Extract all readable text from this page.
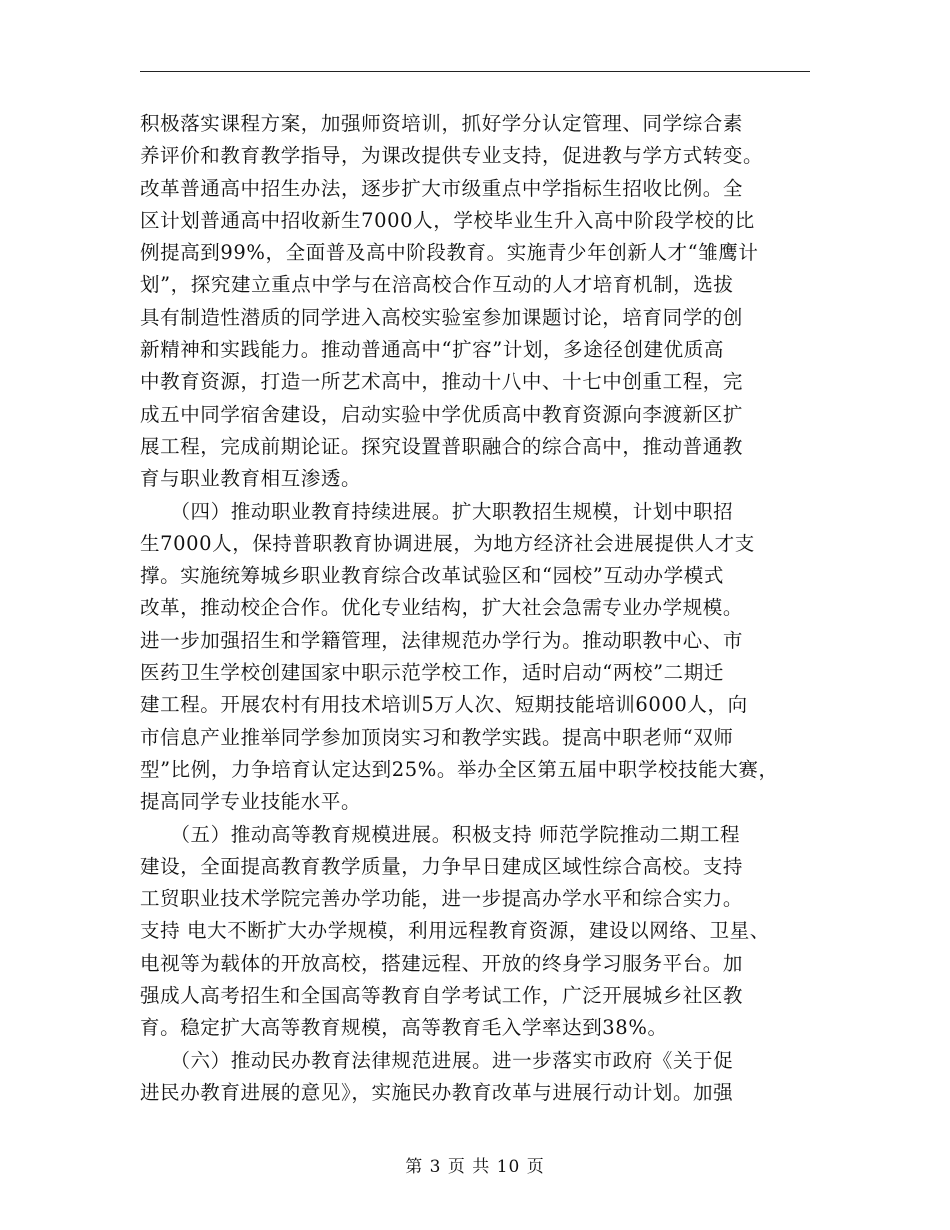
积极落实课程方案，加强师资培训，抓好学分认定管理、同学综合素
养评价和教育教学指导，为课改提供专业支持，促进教与学方式转变。
改革普通高中招生办法，逐步扩大市级重点中学指标生招收比例。全
区计划普通高中招收新生7000人，学校毕业生升入高中阶段学校的比
例提高到99%，全面普及高中阶段教育。实施青少年创新人才“雏鹰计
划”，探究建立重点中学与在涪高校合作互动的人才培育机制，选拔
具有制造性潜质的同学进入高校实验室参加课题讨论，培育同学的创
新精神和实践能力。推动普通高中“扩容”计划，多途径创建优质高
中教育资源，打造一所艺术高中，推动十八中、十七中创重工程，完
成五中同学宿舍建设，启动实验中学优质高中教育资源向李渡新区扩
展工程，完成前期论证。探究设置普职融合的综合高中，推动普通教
育与职业教育相互渗透。
　　（四）推动职业教育持续进展。扩大职教招生规模，计划中职招
生7000人，保持普职教育协调进展，为地方经济社会进展提供人才支
撑。实施统筹城乡职业教育综合改革试验区和“园校”互动办学模式
改革，推动校企合作。优化专业结构，扩大社会急需专业办学规模。
进一步加强招生和学籍管理，法律规范办学行为。推动职教中心、市
医药卫生学校创建国家中职示范学校工作，适时启动“两校”二期迁
建工程。开展农村有用技术培训5万人次、短期技能培训6000人，向
市信息产业推举同学参加顶岗实习和教学实践。提高中职老师“双师
型”比例，力争培育认定达到25%。举办全区第五届中职学校技能大赛，
提高同学专业技能水平。
　　（五）推动高等教育规模进展。积极支持 师范学院推动二期工程
建设，全面提高教育教学质量，力争早日建成区域性综合高校。支持
工贸职业技术学院完善办学功能，进一步提高办学水平和综合实力。
支持 电大不断扩大办学规模，利用远程教育资源，建设以网络、卫星、
电视等为载体的开放高校，搭建远程、开放的终身学习服务平台。加
强成人高考招生和全国高等教育自学考试工作，广泛开展城乡社区教
育。稳定扩大高等教育规模，高等教育毛入学率达到38%。
　　（六）推动民办教育法律规范进展。进一步落实市政府《关于促
进民办教育进展的意见》，实施民办教育改革与进展行动计划。加强
第 3 页 共 10 页
